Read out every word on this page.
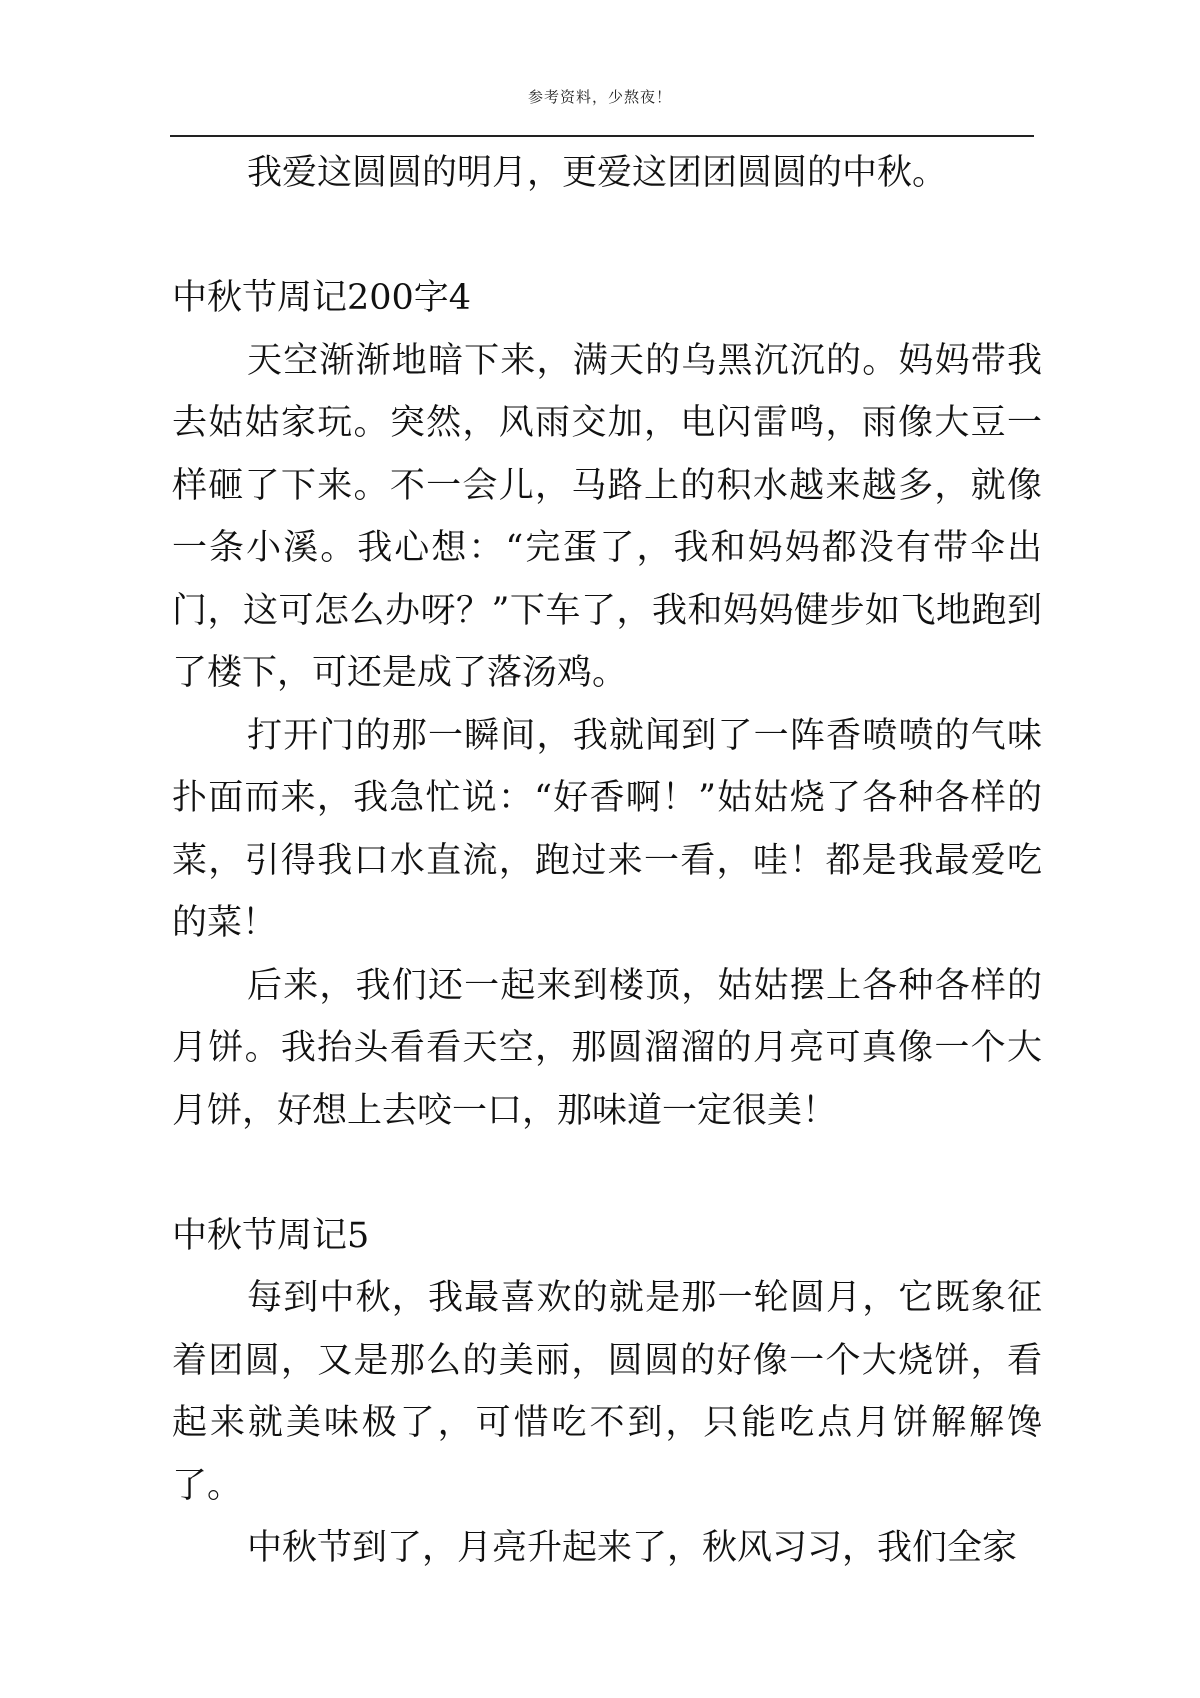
参考资料，少熬夜！

我爱这圆圆的明月，更爱这团团圆圆的中秋。

中秋节周记200字4

天空渐渐地暗下来，满天的乌黑沉沉的。妈妈带我去姑姑家玩。突然，风雨交加，电闪雷鸣，雨像大豆一样砸了下来。不一会儿，马路上的积水越来越多，就像一条小溪。我心想：“完蛋了，我和妈妈都没有带伞出门，这可怎么办呀？”下车了，我和妈妈健步如飞地跑到了楼下，可还是成了落汤鸡。

打开门的那一瞬间，我就闻到了一阵香喷喷的气味扑面而来，我急忙说：“好香啊！”姑姑烧了各种各样的菜，引得我口水直流，跑过来一看，哇！都是我最爱吃的菜！

后来，我们还一起来到楼顶，姑姑摆上各种各样的月饼。我抬头看看天空，那圆溜溜的月亮可真像一个大月饼，好想上去咬一口，那味道一定很美！

中秋节周记5

每到中秋，我最喜欢的就是那一轮圆月，它既象征着团圆，又是那么的美丽，圆圆的好像一个大烧饼，看起来就美味极了，可惜吃不到，只能吃点月饼解解馋了。

中秋节到了，月亮升起来了，秋风习习，我们全家
